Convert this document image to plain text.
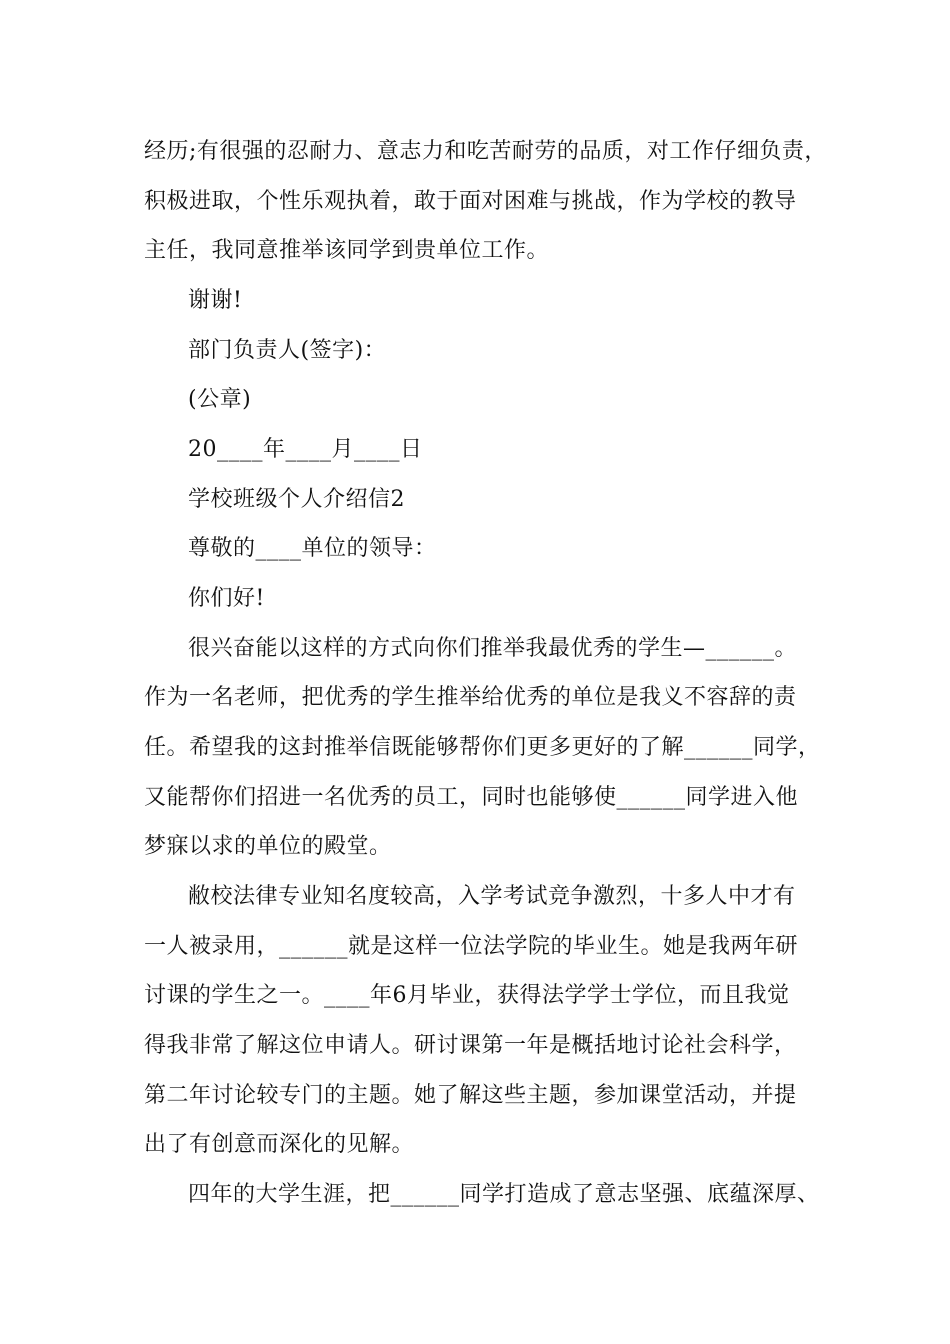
经历;有很强的忍耐力、意志力和吃苦耐劳的品质，对工作仔细负责，
积极进取，个性乐观执着，敢于面对困难与挑战，作为学校的教导
主任，我同意推举该同学到贵单位工作。
谢谢!
部门负责人(签字)：
(公章)
20____年____月____日
学校班级个人介绍信2
尊敬的____单位的领导：
你们好!
很兴奋能以这样的方式向你们推举我最优秀的学生—______。
作为一名老师，把优秀的学生推举给优秀的单位是我义不容辞的责
任。希望我的这封推举信既能够帮你们更多更好的了解______同学，
又能帮你们招进一名优秀的员工，同时也能够使______同学进入他
梦寐以求的单位的殿堂。
敝校法律专业知名度较高，入学考试竞争激烈，十多人中才有
一人被录用，______就是这样一位法学院的毕业生。她是我两年研
讨课的学生之一。____年6月毕业，获得法学学士学位，而且我觉
得我非常了解这位申请人。研讨课第一年是概括地讨论社会科学，
第二年讨论较专门的主题。她了解这些主题，参加课堂活动，并提
出了有创意而深化的见解。
四年的大学生涯，把______同学打造成了意志坚强、底蕴深厚、
